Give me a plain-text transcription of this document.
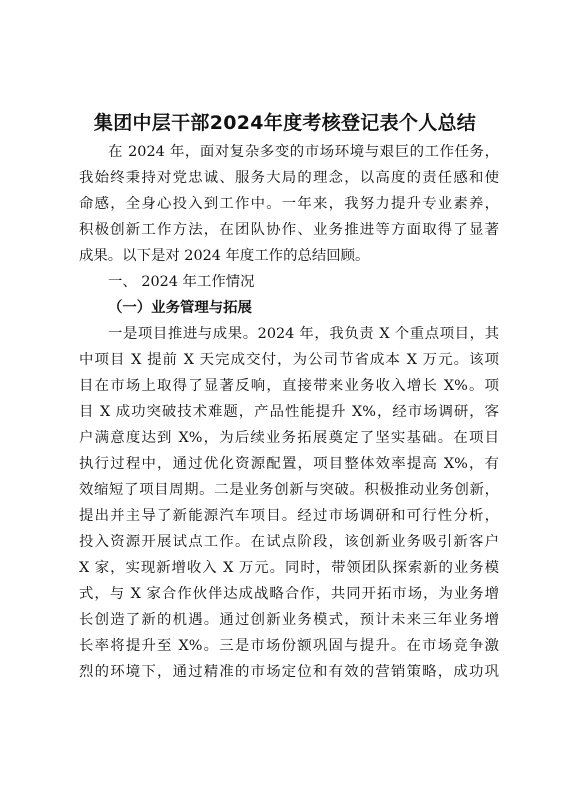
集团中层干部2024年度考核登记表个人总结
在 2024 年，面对复杂多变的市场环境与艰巨的工作任务，
我始终秉持对党忠诚、服务大局的理念，以高度的责任感和使
命感，全身心投入到工作中。一年来，我努力提升专业素养，
积极创新工作方法，在团队协作、业务推进等方面取得了显著
成果。以下是对 2024 年度工作的总结回顾。
一、 2024 年工作情况
（一）业务管理与拓展
一是项目推进与成果。2024 年，我负责 X 个重点项目，其
中项目 X 提前 X 天完成交付，为公司节省成本 X 万元。该项
目在市场上取得了显著反响，直接带来业务收入增长 X%。项
目 X 成功突破技术难题，产品性能提升 X%，经市场调研，客
户满意度达到 X%，为后续业务拓展奠定了坚实基础。在项目
执行过程中，通过优化资源配置，项目整体效率提高 X%，有
效缩短了项目周期。二是业务创新与突破。积极推动业务创新，
提出并主导了新能源汽车项目。经过市场调研和可行性分析，
投入资源开展试点工作。在试点阶段，该创新业务吸引新客户
X 家，实现新增收入 X 万元。同时，带领团队探索新的业务模
式，与 X 家合作伙伴达成战略合作，共同开拓市场，为业务增
长创造了新的机遇。通过创新业务模式，预计未来三年业务增
长率将提升至 X%。三是市场份额巩固与提升。在市场竞争激
烈的环境下，通过精准的市场定位和有效的营销策略，成功巩
